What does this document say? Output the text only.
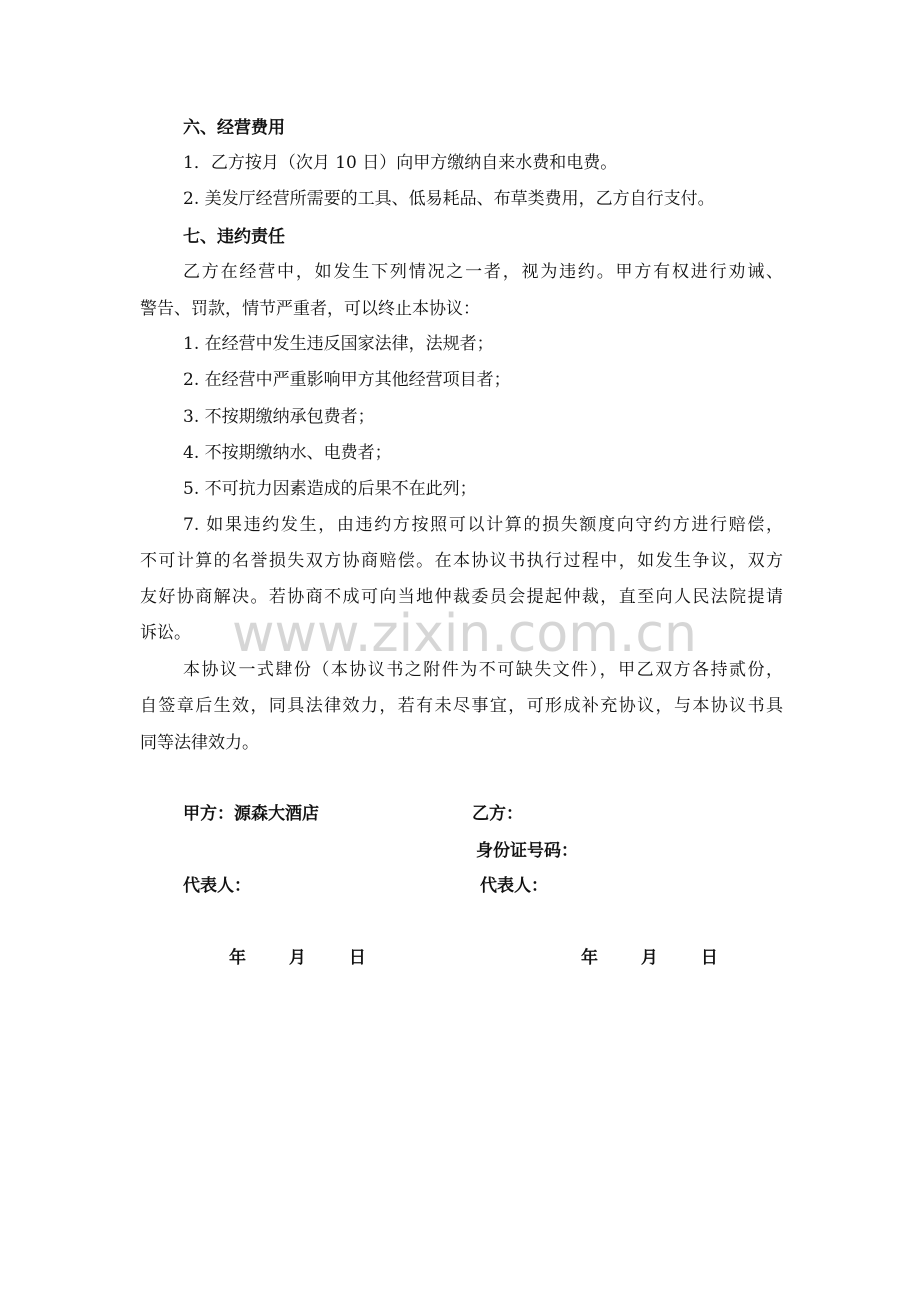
六、经营费用
1．乙方按月（次月 10 日）向甲方缴纳自来水费和电费。
2. 美发厅经营所需要的工具、低易耗品、布草类费用，乙方自行支付。
七、违约责任
乙方在经营中，如发生下列情况之一者，视为违约。甲方有权进行劝诫、
警告、罚款，情节严重者，可以终止本协议：
1. 在经营中发生违反国家法律，法规者；
2. 在经营中严重影响甲方其他经营项目者；
3. 不按期缴纳承包费者；
4. 不按期缴纳水、电费者；
5. 不可抗力因素造成的后果不在此列；
7. 如果违约发生，由违约方按照可以计算的损失额度向守约方进行赔偿，
不可计算的名誉损失双方协商赔偿。在本协议书执行过程中，如发生争议，双方
友好协商解决。若协商不成可向当地仲裁委员会提起仲裁，直至向人民法院提请
诉讼。
本协议一式肆份（本协议书之附件为不可缺失文件），甲乙双方各持贰份，
自签章后生效，同具法律效力，若有未尽事宜，可形成补充协议，与本协议书具
同等法律效力。
www.zixin.com.cn
甲方：源森大酒店	乙方：
身份证号码：
代表人：	代表人：
年	月	日	年	月	日
